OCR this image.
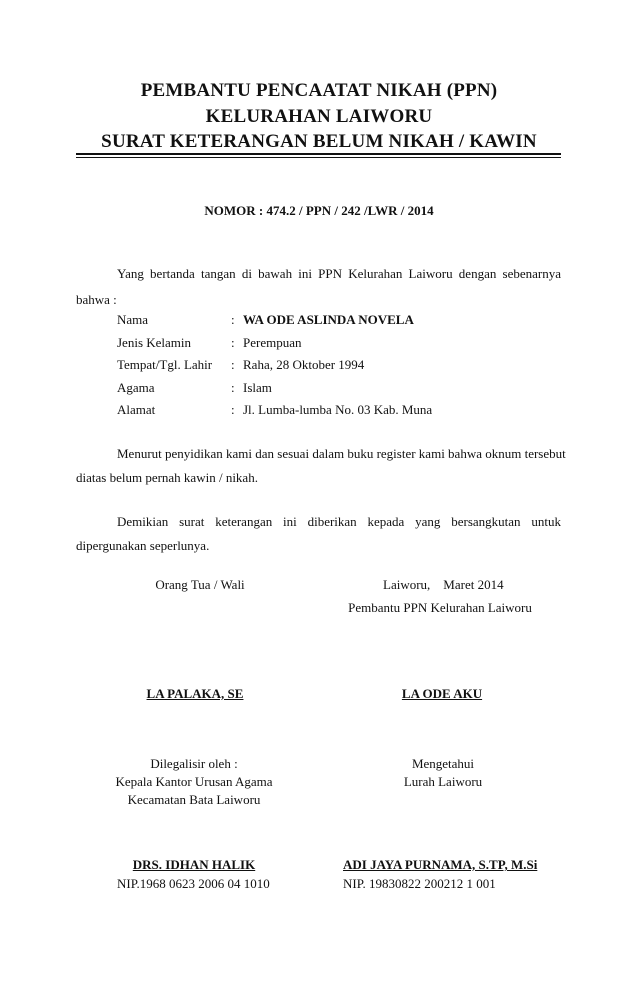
PEMBANTU PENCAATAT NIKAH (PPN)
KELURAHAN LAIWORU
SURAT KETERANGAN BELUM NIKAH / KAWIN
NOMOR : 474.2 / PPN / 242 /LWR / 2014
Yang bertanda tangan di bawah ini PPN Kelurahan Laiworu dengan sebenarnya
bahwa :
Nama	: WA ODE ASLINDA NOVELA
Jenis Kelamin	: Perempuan
Tempat/Tgl. Lahir : Raha, 28 Oktober 1994
Agama	: Islam
Alamat	: Jl. Lumba-lumba No. 03 Kab. Muna
Menurut penyidikan kami dan sesuai dalam buku register kami bahwa oknum tersebut
diatas belum pernah kawin / nikah.
Demikian surat keterangan ini diberikan kepada yang bersangkutan untuk
dipergunakan seperlunya.
Orang Tua / Wali	Laiworu,    Maret 2014
Pembantu PPN Kelurahan Laiworu
LA PALAKA, SE	LA ODE AKU
Dilegalisir oleh :
Kepala Kantor Urusan Agama
Kecamatan Bata Laiworu
Mengetahui
Lurah Laiworu
DRS. IDHAN HALIK
NIP.1968 0623 2006 04 1010
ADI JAYA PURNAMA, S.TP, M.Si
NIP. 19830822 200212 1 001
